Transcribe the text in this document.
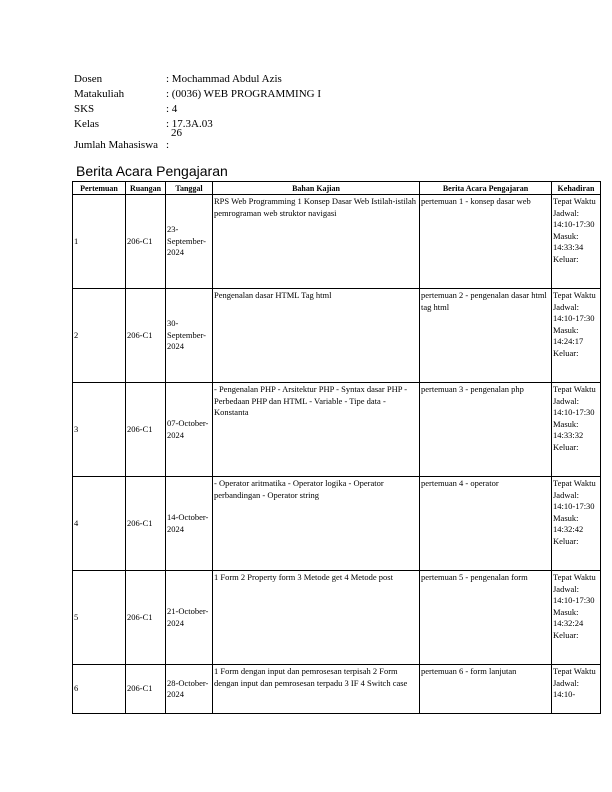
Dosen	: Mochammad Abdul Azis
Matakuliah	: (0036) WEB PROGRAMMING I
SKS	: 4
Kelas	: 17.3A.03
Jumlah Mahasiswa :
26
Berita Acara Pengajaran
Pertemuan	Ruangan	Tanggal	Bahan Kajian	Berita Acara Pengajaran	Kehadiran
1	206-C1	23-September-2024	RPS Web Programming 1 Konsep Dasar Web Istilah-istilah pemrograman web struktor navigasi	pertemuan 1 - konsep dasar web	Tepat Waktu Jadwal: 14:10-17:30 Masuk: 14:33:34 Keluar:

2	206-C1	30-September-2024	Pengenalan dasar HTML Tag html	pertemuan 2 - pengenalan dasar html tag html	Tepat Waktu Jadwal: 14:10-17:30 Masuk: 14:24:17 Keluar:

3	206-C1	07-October-2024	- Pengenalan PHP - Arsitektur PHP - Syntax dasar PHP - Perbedaan PHP dan HTML - Variable - Tipe data - Konstanta	pertemuan 3 - pengenalan php	Tepat Waktu Jadwal: 14:10-17:30 Masuk: 14:33:32 Keluar:

4	206-C1	14-October-2024	- Operator aritmatika - Operator logika - Operator perbandingan - Operator string	pertemuan 4 - operator	Tepat Waktu Jadwal: 14:10-17:30 Masuk: 14:32:42 Keluar:

5	206-C1	21-October-2024	1 Form 2 Property form 3 Metode get 4 Metode post	pertemuan 5 - pengenalan form	Tepat Waktu Jadwal: 14:10-17:30 Masuk: 14:32:24 Keluar:

6	206-C1	28-October-2024	1 Form dengan input dan pemrosesan terpisah 2 Form dengan input dan pemrosesan terpadu 3 IF 4 Switch case	pertemuan 6 - form lanjutan	Tepat Waktu Jadwal: 14:10-
